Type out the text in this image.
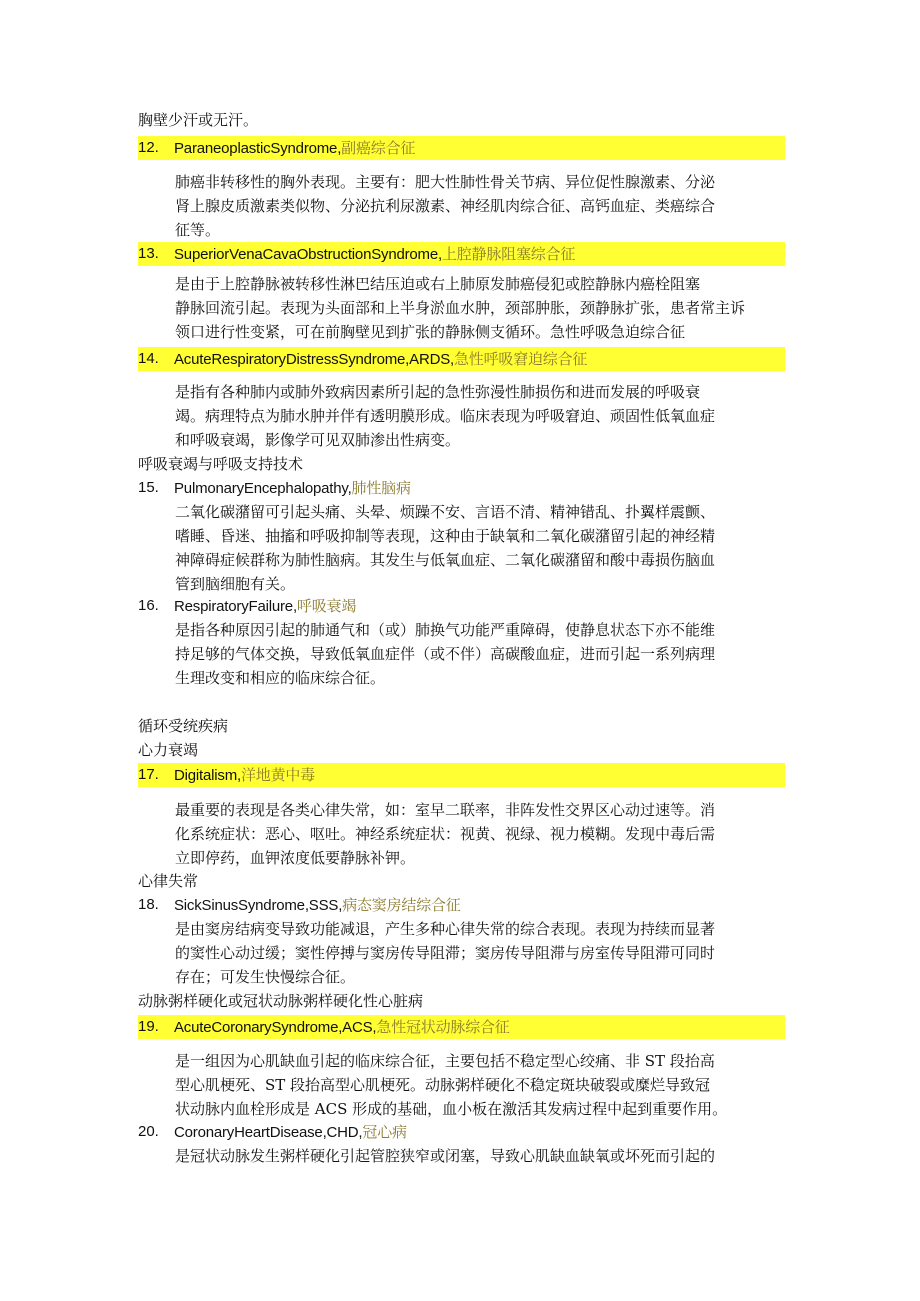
胸壁少汗或无汗。
12.	ParaneoplasticSyndrome,副癌综合征
肺癌非转移性的胸外表现。主要有：肥大性肺性骨关节病、异位促性腺激素、分泌
肾上腺皮质激素类似物、分泌抗利尿激素、神经肌肉综合征、高钙血症、类癌综合
征等。
13.	SuperiorVenaCavaObstructionSyndrome,上腔静脉阻塞综合征
是由于上腔静脉被转移性淋巴结压迫或右上肺原发肺癌侵犯或腔静脉内癌栓阻塞
静脉回流引起。表现为头面部和上半身淤血水肿，颈部肿胀，颈静脉扩张，患者常主诉
领口进行性变紧，可在前胸壁见到扩张的静脉侧支循环。急性呼吸急迫综合征
14.	AcuteRespiratoryDistressSyndrome,ARDS,急性呼吸窘迫综合征
是指有各种肺内或肺外致病因素所引起的急性弥漫性肺损伤和进而发展的呼吸衰
竭。病理特点为肺水肿并伴有透明膜形成。临床表现为呼吸窘迫、顽固性低氧血症
和呼吸衰竭，影像学可见双肺渗出性病变。
呼吸衰竭与呼吸支持技术
15.	PulmonaryEncephalopathy,肺性脑病
二氧化碳潴留可引起头痛、头晕、烦躁不安、言语不清、精神错乱、扑翼样震颤、
嗜睡、昏迷、抽搐和呼吸抑制等表现，这种由于缺氧和二氧化碳潴留引起的神经精
神障碍症候群称为肺性脑病。其发生与低氧血症、二氧化碳潴留和酸中毒损伤脑血
管到脑细胞有关。
16.	RespiratoryFailure,呼吸衰竭
是指各种原因引起的肺通气和（或）肺换气功能严重障碍，使静息状态下亦不能维
持足够的气体交换，导致低氧血症伴（或不伴）高碳酸血症，进而引起一系列病理
生理改变和相应的临床综合征。
循环受统疾病
心力衰竭
17.	Digitalism,洋地黄中毒
最重要的表现是各类心律失常，如：室早二联率，非阵发性交界区心动过速等。消
化系统症状：恶心、呕吐。神经系统症状：视黄、视绿、视力模糊。发现中毒后需
立即停药，血钾浓度低要静脉补钾。
心律失常
18.	SickSinusSyndrome,SSS,病态窦房结综合征
是由窦房结病变导致功能减退，产生多种心律失常的综合表现。表现为持续而显著
的窦性心动过缓；窦性停搏与窦房传导阻滞；窦房传导阻滞与房室传导阻滞可同时
存在；可发生快慢综合征。
动脉粥样硬化或冠状动脉粥样硬化性心脏病
19.	AcuteCoronarySyndrome,ACS,急性冠状动脉综合征
是一组因为心肌缺血引起的临床综合征，主要包括不稳定型心绞痛、非 ST 段抬高
型心肌梗死、ST 段抬高型心肌梗死。动脉粥样硬化不稳定斑块破裂或糜烂导致冠
状动脉内血栓形成是 ACS 形成的基础，血小板在激活其发病过程中起到重要作用。
20.	CoronaryHeartDisease,CHD,冠心病
是冠状动脉发生粥样硬化引起管腔狭窄或闭塞，导致心肌缺血缺氧或坏死而引起的
